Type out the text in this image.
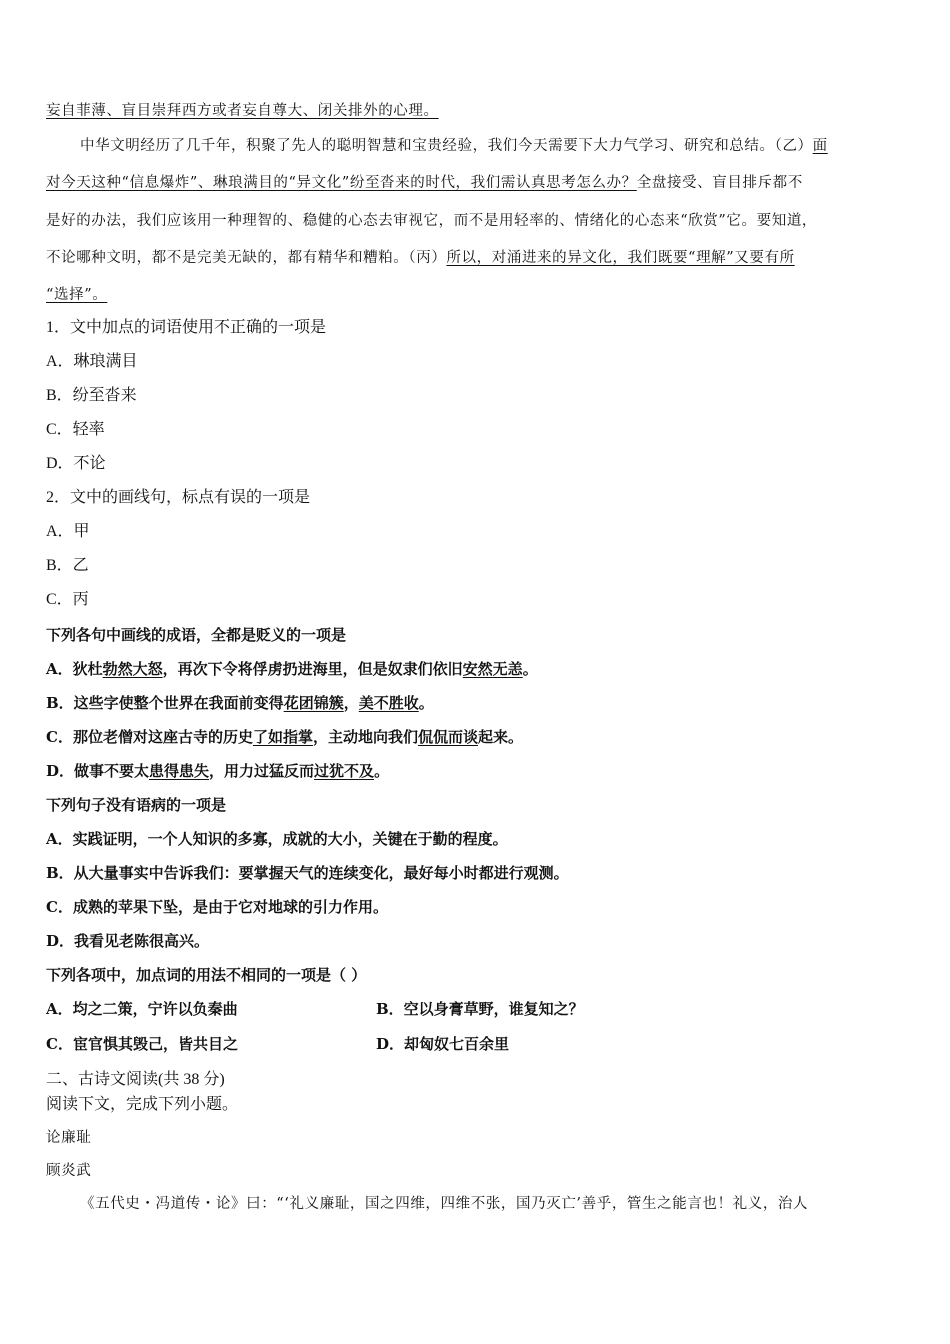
妄自菲薄、盲目崇拜西方或者妄自尊大、闭关排外的心理。
中华文明经历了几千年，积聚了先人的聪明智慧和宝贵经验，我们今天需要下大力气学习、研究和总结。（乙）面
对今天这种“信息爆炸”、琳琅满目的“异文化”纷至沓来的时代，我们需认真思考怎么办？全盘接受、盲目排斥都不
是好的办法，我们应该用一种理智的、稳健的心态去审视它，而不是用轻率的、情绪化的心态来“欣赏”它。要知道，
不论哪种文明，都不是完美无缺的，都有精华和糟粕。（丙）所以，对涌进来的异文化，我们既要“理解”又要有所
“选择”。
1．文中加点的词语使用不正确的一项是
A．琳琅满目
B．纷至沓来
C．轻率
D．不论
2．文中的画线句，标点有误的一项是
A．甲
B．乙
C．丙
下列各句中画线的成语，全都是贬义的一项是
A．狄杜勃然大怒，再次下令将俘虏扔进海里，但是奴隶们依旧安然无恙。
B．这些字使整个世界在我面前变得花团锦簇，美不胜收。
C．那位老僧对这座古寺的历史了如指掌，主动地向我们侃侃而谈起来。
D．做事不要太患得患失，用力过猛反而过犹不及。
下列句子没有语病的一项是
A．实践证明，一个人知识的多寡，成就的大小，关键在于勤的程度。
B．从大量事实中告诉我们：要掌握天气的连续变化，最好每小时都进行观测。
C．成熟的苹果下坠，是由于它对地球的引力作用。
D．我看见老陈很高兴。
下列各项中，加点词的用法不相同的一项是（ ）
A．均之二策，宁许以负秦曲	B．空以身膏草野，谁复知之？
C．宦官惧其毁己，皆共目之	D．却匈奴七百余里
二、古诗文阅读(共 38 分)
阅读下文，完成下列小题。
论廉耻
顾炎武
《五代史・冯道传・论》曰：“‘礼义廉耻，国之四维，四维不张，国乃灭亡’善乎，管生之能言也！礼义，治人
